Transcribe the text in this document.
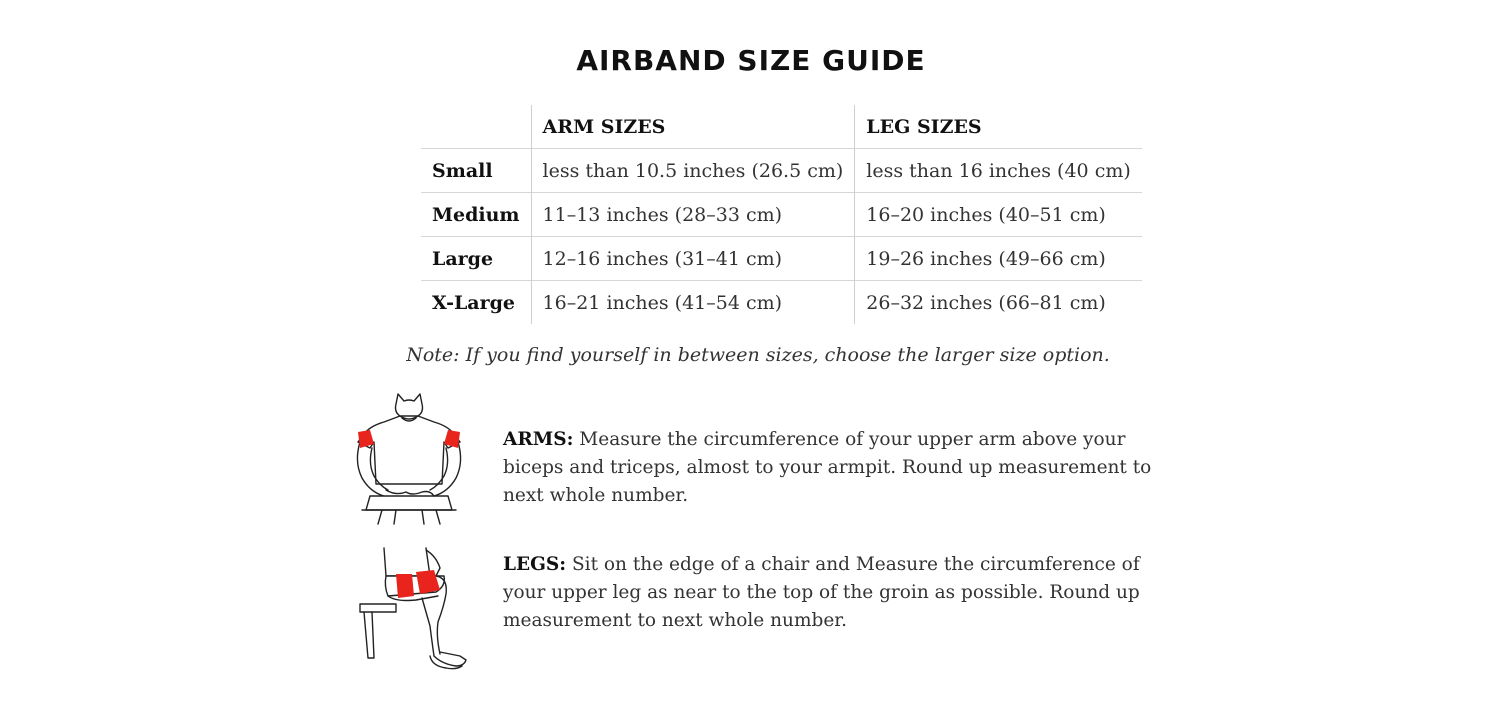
AIRBAND SIZE GUIDE
	ARM SIZES	LEG SIZES
Small	less than 10.5 inches (26.5 cm)	less than 16 inches (40 cm)
Medium	11–13 inches (28–33 cm)	16–20 inches (40–51 cm)
Large	12–16 inches (31–41 cm)	19–26 inches (49–66 cm)
X-Large	16–21 inches (41–54 cm)	26–32 inches (66–81 cm)

Note: If you find yourself in between sizes, choose the larger size option.

ARMS: Measure the circumference of your upper arm above your biceps and triceps, almost to your armpit. Round up measurement to next whole number.

LEGS: Sit on the edge of a chair and Measure the circumference of your upper leg as near to the top of the groin as possible. Round up measurement to next whole number.
